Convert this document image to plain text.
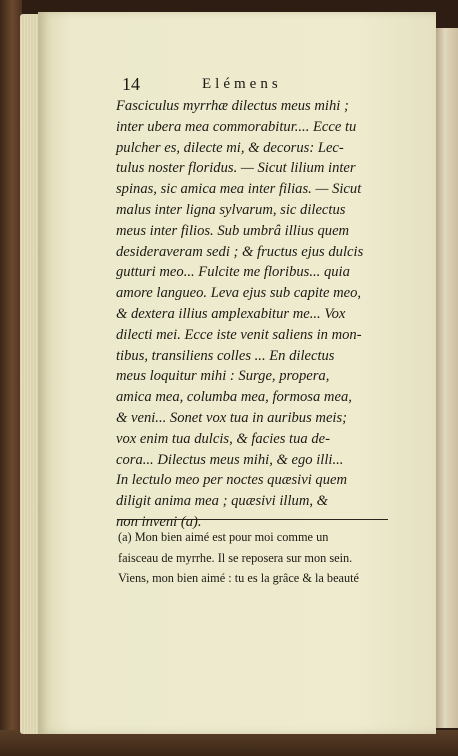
14	Elémens
Fasciculus myrrhæ dilectus meus mihi ;
inter ubera mea commorabitur.... Ecce tu
pulcher es, dilecte mi, & decorus: Lec-
tulus noster floridus. — Sicut lilium inter
spinas, sic amica mea inter filias. — Sicut
malus inter ligna sylvarum, sic dilectus
meus inter filios. Sub umbrâ illius quem
desideraveram sedi ; & fructus ejus dulcis
gutturi meo... Fulcite me floribus... quia
amore langueo. Leva ejus sub capite meo,
& dextera illius amplexabitur me... Vox
dilecti mei. Ecce iste venit saliens in mon-
tibus, transiliens colles ... En dilectus
meus loquitur mihi : Surge, propera,
amica mea, columba mea, formosa mea,
& veni... Sonet vox tua in auribus meis;
vox enim tua dulcis, & facies tua de-
cora... Dilectus meus mihi, & ego illi...
In lectulo meo per noctes quæsivi quem
diligit anima mea ; quæsivi illum, &
non inveni (a).
(a) Mon bien aimé est pour moi comme un
faisceau de myrrhe. Il se reposera sur mon sein.
Viens, mon bien aimé : tu es la grâce & la beauté
